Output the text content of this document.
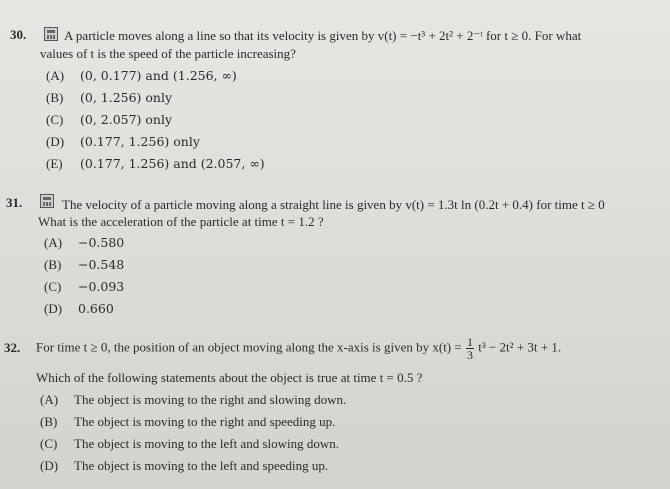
30.	A particle moves along a line so that its velocity is given by v(t) = −t³ + 2t² + 2⁻ᵗ for t ≥ 0. For what
values of t is the speed of the particle increasing?
(A) (0, 0.177) and (1.256, ∞)
(B) (0, 1.256) only
(C) (0, 2.057) only
(D) (0.177, 1.256) only
(E) (0.177, 1.256) and (2.057, ∞)
31.	The velocity of a particle moving along a straight line is given by v(t) = 1.3t ln (0.2t + 0.4) for time t ≥ 0
What is the acceleration of the particle at time t = 1.2 ?
(A) −0.580
(B) −0.548
(C) −0.093
(D) 0.660
32. For time t ≥ 0, the position of an object moving along the x-axis is given by $x(t) = \frac{1}{3} t^3 - 2t^2 + 3t + 1$.
Which of the following statements about the object is true at time t = 0.5 ?
(A) The object is moving to the right and slowing down.
(B) The object is moving to the right and speeding up.
(C) The object is moving to the left and slowing down.
(D) The object is moving to the left and speeding up.
